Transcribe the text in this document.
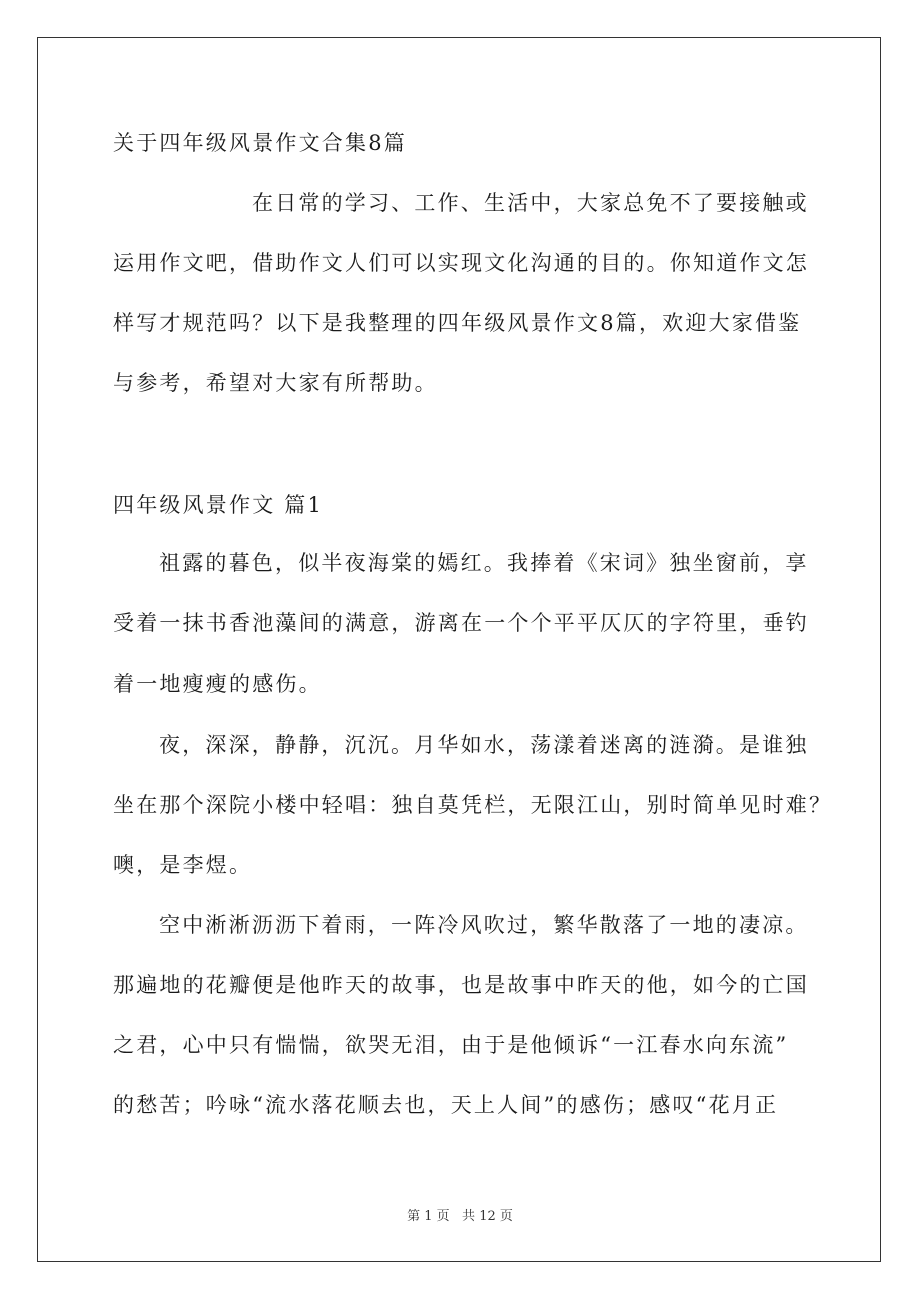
关于四年级风景作文合集8篇
在日常的学习、工作、生活中，大家总免不了要接触或
运用作文吧，借助作文人们可以实现文化沟通的目的。你知道作文怎
样写才规范吗？以下是我整理的四年级风景作文8篇，欢迎大家借鉴
与参考，希望对大家有所帮助。
四年级风景作文 篇1
祖露的暮色，似半夜海棠的嫣红。我捧着《宋词》独坐窗前，享
受着一抹书香池藻间的满意，游离在一个个平平仄仄的字符里，垂钓
着一地瘦瘦的感伤。
夜，深深，静静，沉沉。月华如水，荡漾着迷离的涟漪。是谁独
坐在那个深院小楼中轻唱：独自莫凭栏，无限江山，别时简单见时难？
噢，是李煜。
空中淅淅沥沥下着雨，一阵冷风吹过，繁华散落了一地的凄凉。
那遍地的花瓣便是他昨天的故事，也是故事中昨天的他，如今的亡国
之君，心中只有惴惴，欲哭无泪，由于是他倾诉“一江春水向东流”
的愁苦；吟咏“流水落花顺去也，天上人间”的感伤；感叹“花月正
第 1 页   共 12 页
